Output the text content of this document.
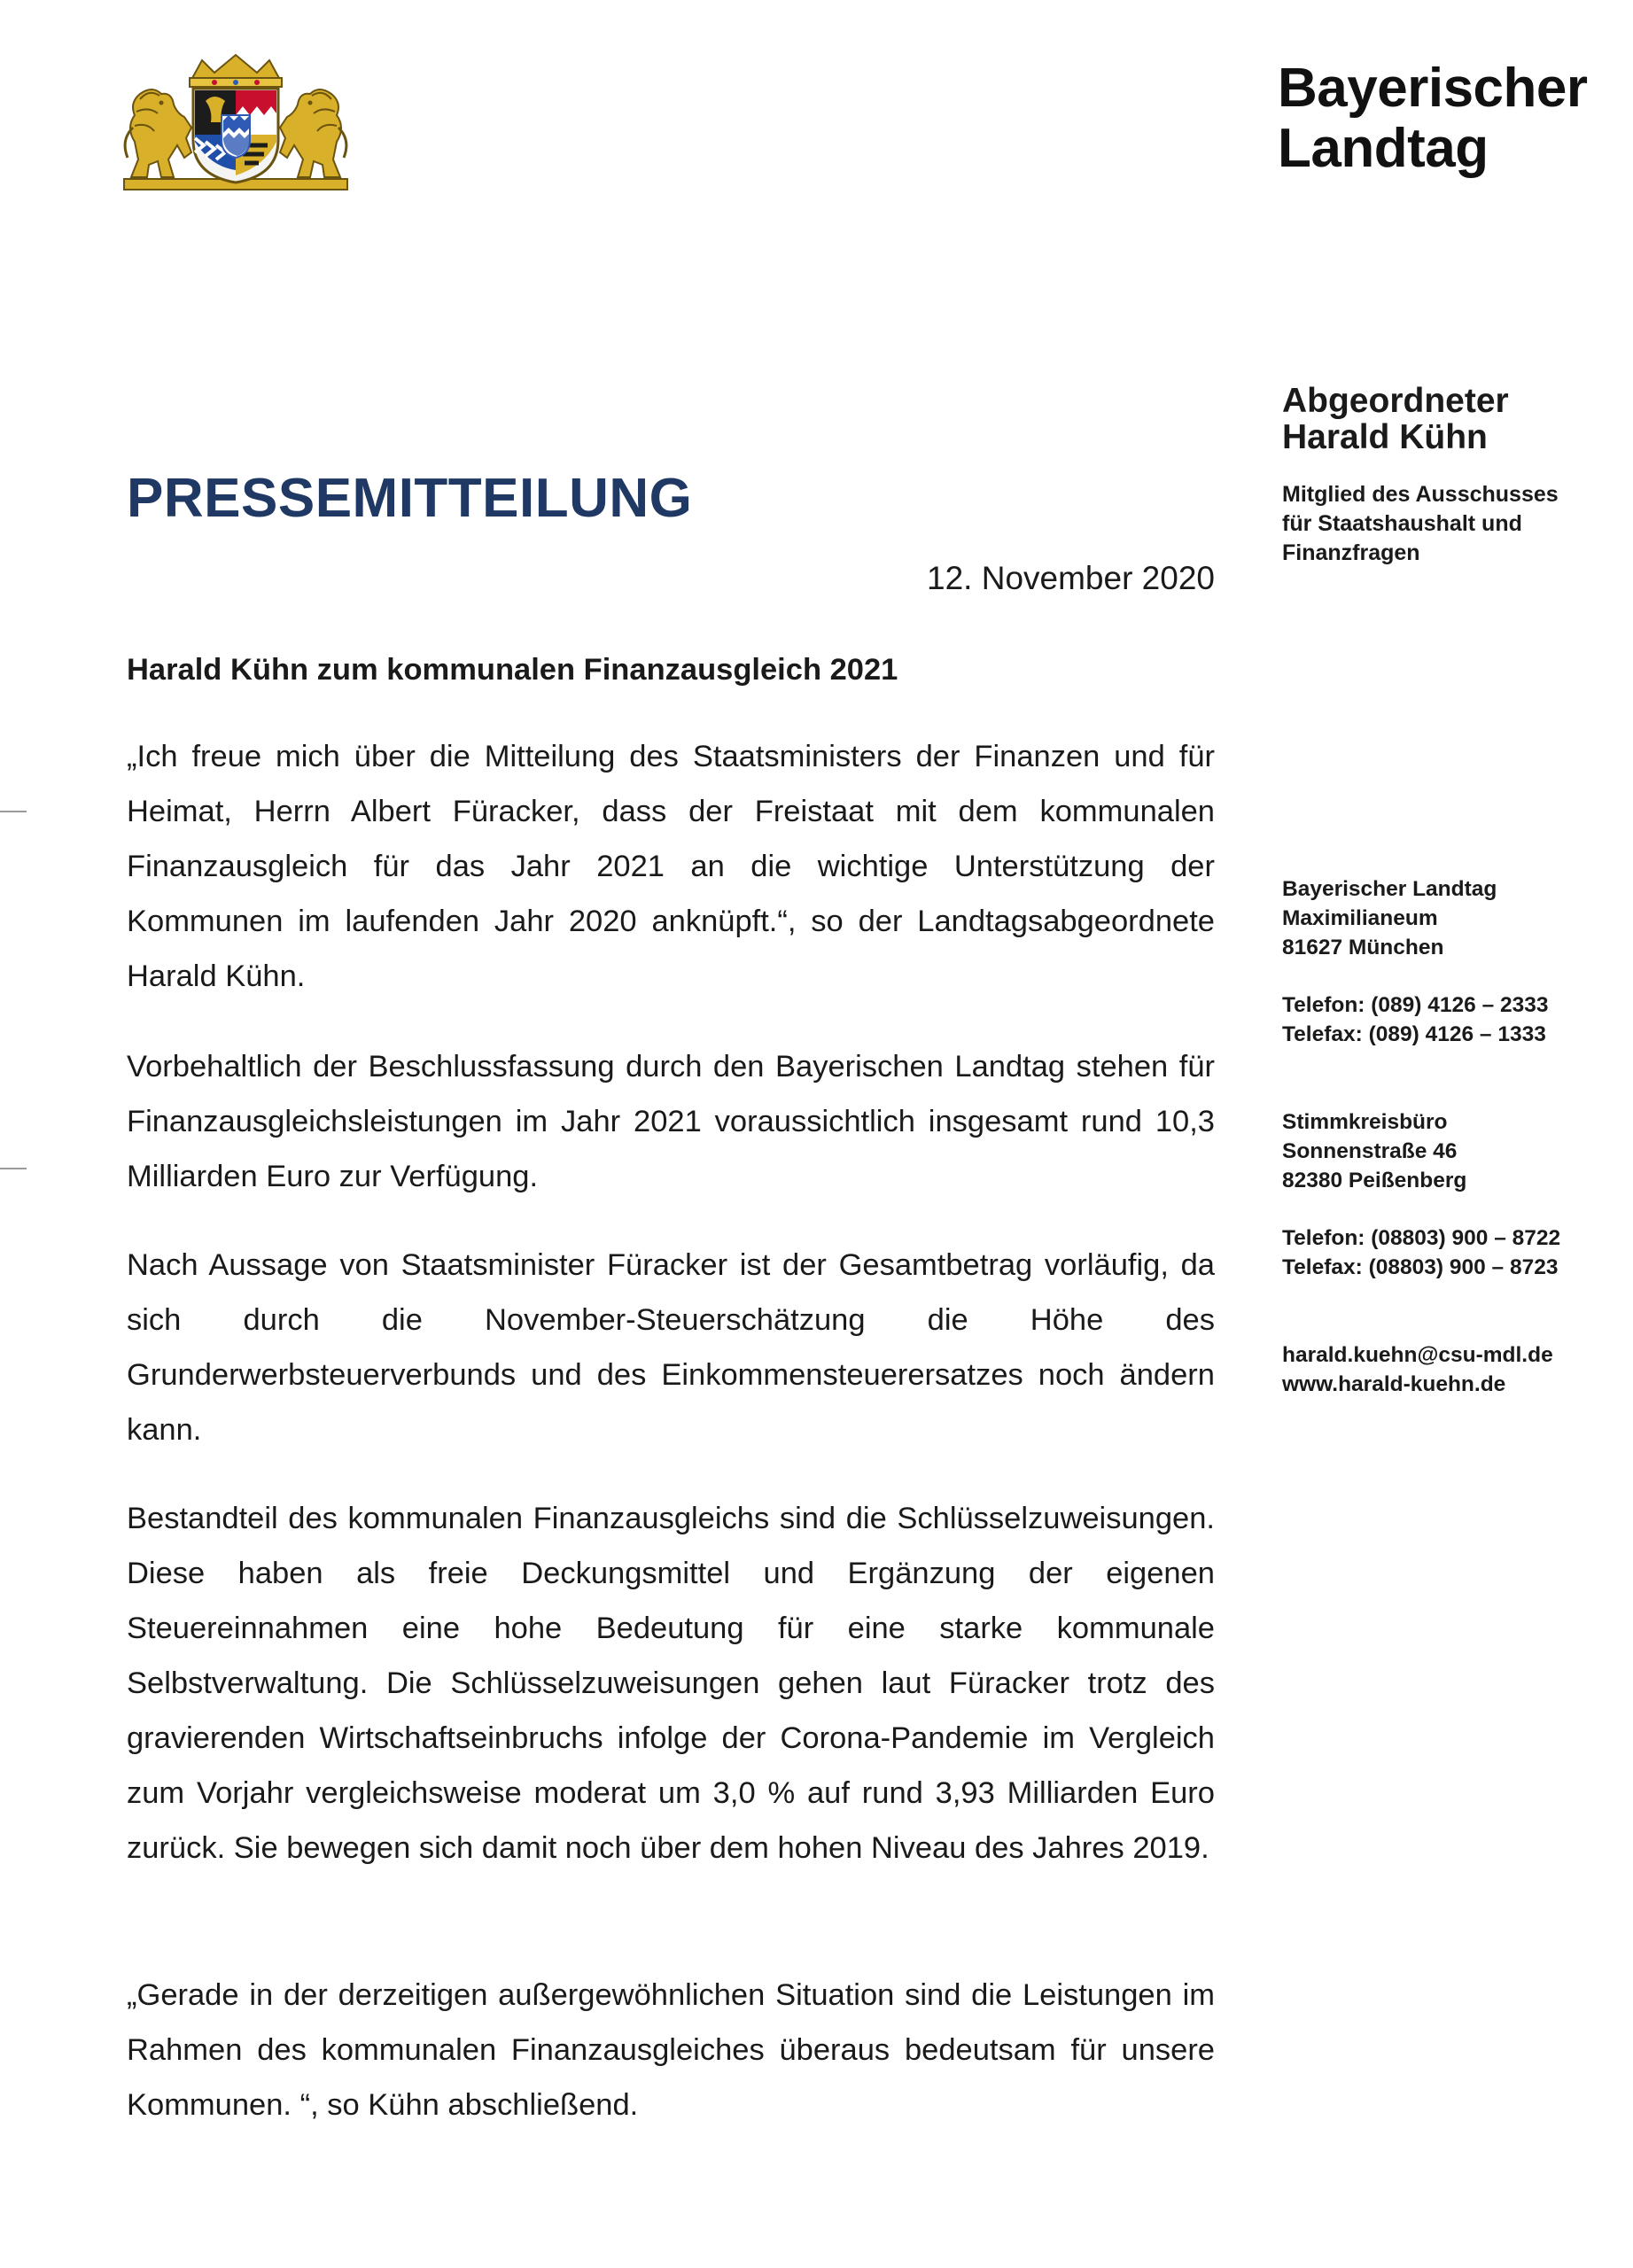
Bayerischer
Landtag
Abgeordneter
Harald Kühn
Mitglied des Ausschusses
für Staatshaushalt und
Finanzfragen
PRESSEMITTEILUNG
12. November 2020
Harald Kühn zum kommunalen Finanzausgleich 2021
„Ich freue mich über die Mitteilung des Staatsministers der Finanzen und für Heimat, Herrn Albert Füracker, dass der Freistaat mit dem kommunalen Finanzausgleich für das Jahr 2021 an die wichtige Unterstützung der Kommunen im laufenden Jahr 2020 anknüpft.“, so der Landtagsabgeordnete Harald Kühn.
Vorbehaltlich der Beschlussfassung durch den Bayerischen Landtag stehen für Finanzausgleichsleistungen im Jahr 2021 voraussichtlich insgesamt rund 10,3 Milliarden Euro zur Verfügung.
Nach Aussage von Staatsminister Füracker ist der Gesamtbetrag vorläufig, da sich durch die November-Steuerschätzung die Höhe des Grunderwerbsteuerverbunds und des Einkommensteuerersatzes noch ändern kann.
Bestandteil des kommunalen Finanzausgleichs sind die Schlüsselzuweisungen. Diese haben als freie Deckungsmittel und Ergänzung der eigenen Steuereinnahmen eine hohe Bedeutung für eine starke kommunale Selbstverwaltung. Die Schlüsselzuweisungen gehen laut Füracker trotz des gravierenden Wirtschaftseinbruchs infolge der Corona-Pandemie im Vergleich zum Vorjahr vergleichsweise moderat um 3,0 % auf rund 3,93 Milliarden Euro zurück. Sie bewegen sich damit noch über dem hohen Niveau des Jahres 2019.
„Gerade in der derzeitigen außergewöhnlichen Situation sind die Leistungen im Rahmen des kommunalen Finanzausgleiches überaus bedeutsam für unsere Kommunen. “, so Kühn abschließend.
Bayerischer Landtag
Maximilianeum
81627 München
Telefon: (089) 4126 – 2333
Telefax: (089) 4126 – 1333
Stimmkreisbüro
Sonnenstraße 46
82380 Peißenberg
Telefon: (08803) 900 – 8722
Telefax: (08803) 900 – 8723
harald.kuehn@csu-mdl.de
www.harald-kuehn.de
